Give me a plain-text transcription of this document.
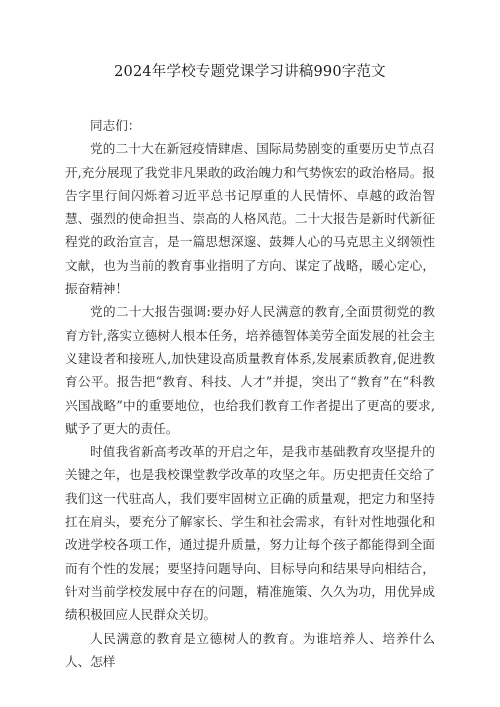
2024年学校专题党课学习讲稿990字范文

同志们：

党的二十大在新冠疫情肆虐、国际局势剧变的重要历史节点召开,充分展现了我党非凡果敢的政治魄力和气势恢宏的政治格局。报告字里行间闪烁着习近平总书记厚重的人民情怀、卓越的政治智慧、强烈的使命担当、崇高的人格风范。二十大报告是新时代新征程党的政治宣言，是一篇思想深邃、鼓舞人心的马克思主义纲领性文献，也为当前的教育事业指明了方向、谋定了战略，暖心定心，振奋精神！

党的二十大报告强调:要办好人民满意的教育,全面贯彻党的教育方针,落实立德树人根本任务，培养德智体美劳全面发展的社会主义建设者和接班人,加快建设高质量教育体系,发展素质教育,促进教育公平。报告把“教育、科技、人才”并提，突出了“教育”在“科教兴国战略”中的重要地位，也给我们教育工作者提出了更高的要求,赋予了更大的责任。

时值我省新高考改革的开启之年，是我市基础教育攻坚提升的关键之年，也是我校课堂教学改革的攻坚之年。历史把责任交给了我们这一代驻高人，我们要牢固树立正确的质量观，把定力和坚持扛在肩头，要充分了解家长、学生和社会需求，有针对性地强化和改进学校各项工作，通过提升质量，努力让每个孩子都能得到全面而有个性的发展；要坚持问题导向、目标导向和结果导向相结合，针对当前学校发展中存在的问题，精准施策、久久为功，用优异成绩积极回应人民群众关切。

人民满意的教育是立德树人的教育。为谁培养人、培养什么人、怎样
